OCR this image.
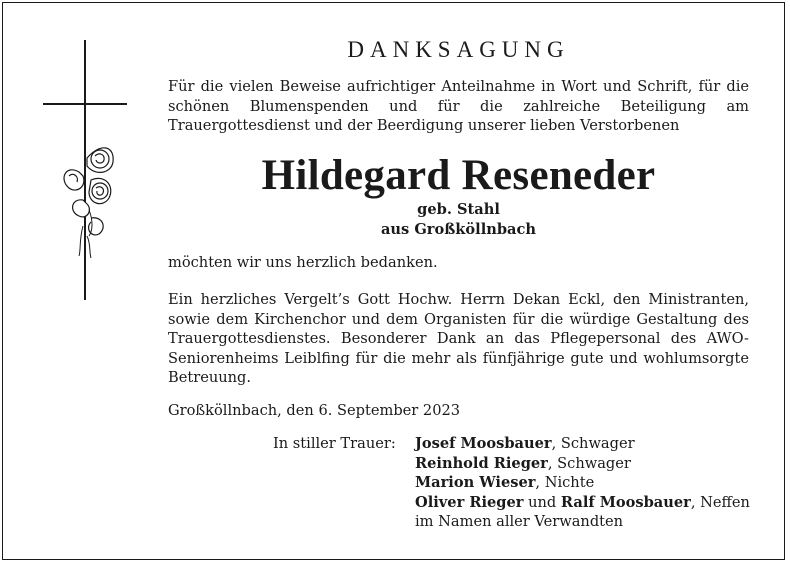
DANKSAGUNG
Für die vielen Beweise aufrichtiger Anteilnahme in Wort und Schrift, für die schönen Blumenspenden und für die zahlreiche Beteiligung am Trauergottesdienst und der Beerdigung unserer lieben Verstorbenen
Hildegard Reseneder
geb. Stahl
aus Großköllnbach
möchten wir uns herzlich bedanken.
Ein herzliches Vergelt’s Gott Hochw. Herrn Dekan Eckl, den Ministranten, sowie dem Kirchenchor und dem Organisten für die würdige Gestaltung des Trauergottesdienstes. Besonderer Dank an das Pflegepersonal des AWO-Seniorenheims Leiblfing für die mehr als fünfjährige gute und wohlumsorgte Betreuung.
Großköllnbach, den 6. September 2023
In stiller Trauer:	Josef Moosbauer, Schwager
Reinhold Rieger, Schwager
Marion Wieser, Nichte
Oliver Rieger und Ralf Moosbauer, Neffen
im Namen aller Verwandten
